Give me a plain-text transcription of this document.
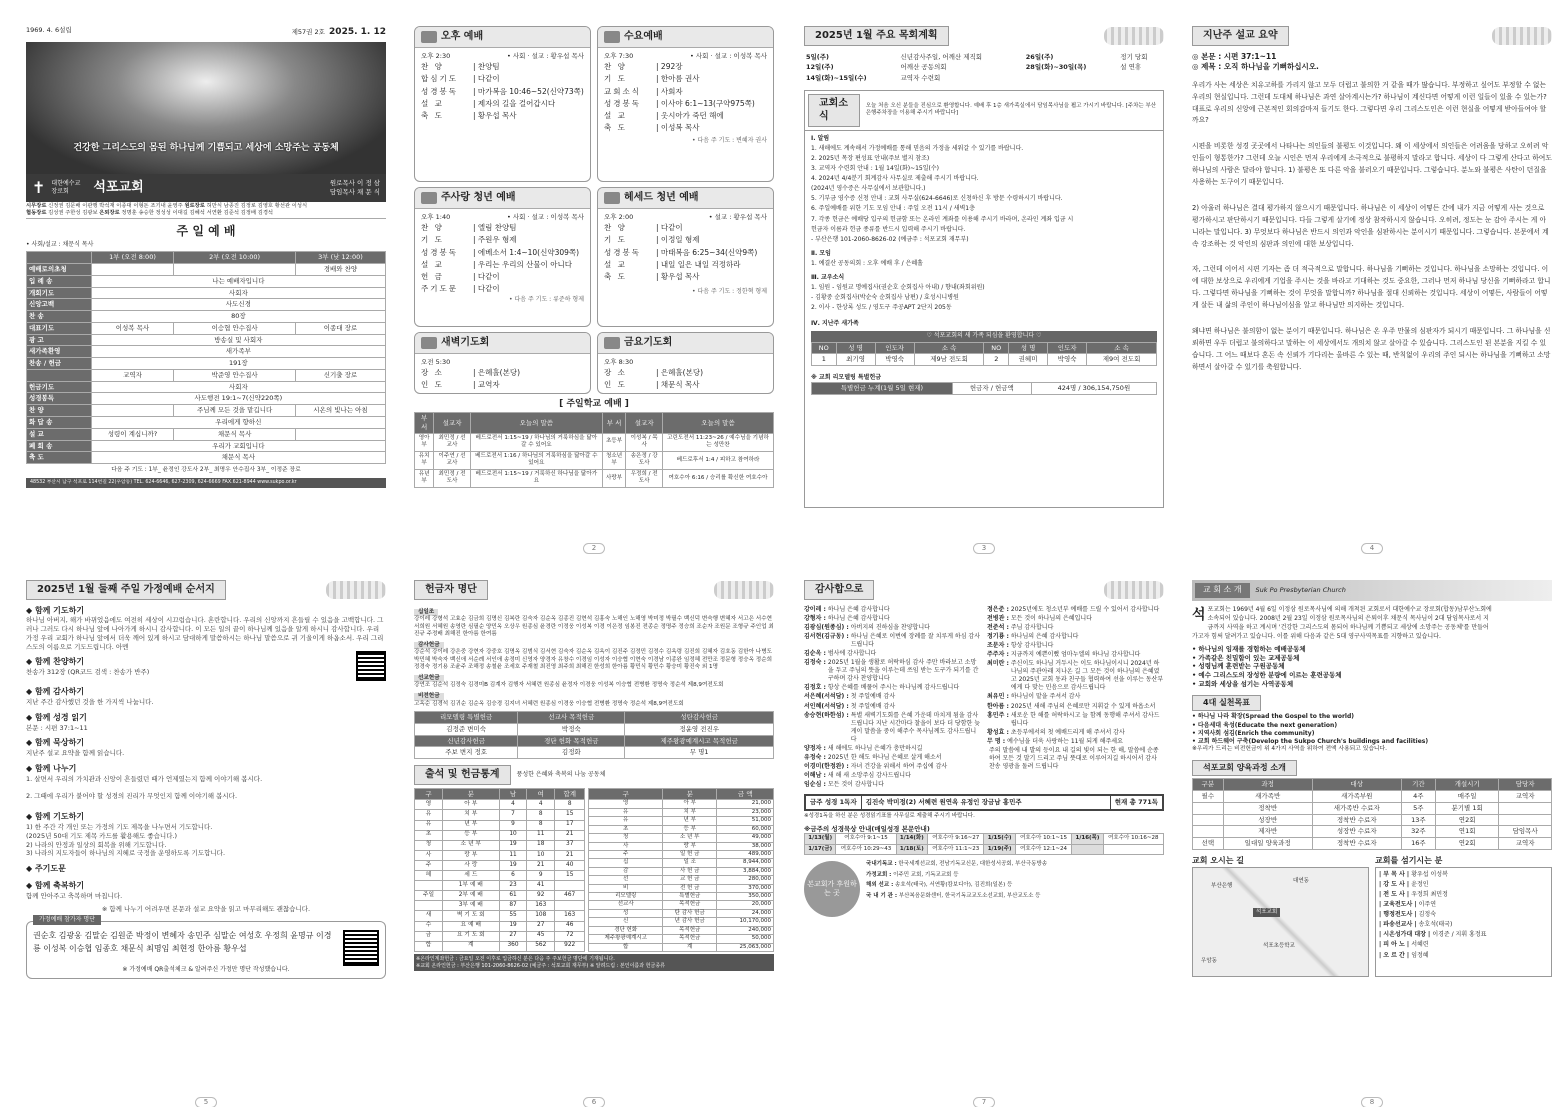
1969. 4. 6설립	제57권 2호 2025. 1. 12
건강한 그리스도의 몸된 하나님께 기쁨되고 세상에 소망주는 공동체
✝ 대한예수교 장로회	석포교회	원로목사 이 정 삼
담임목사 채 문 식
시무장로 신정권 김문배 이관행 박석재 이종대 이형돈 조기내 윤영주 원로장로 허만식 남종진 김정로 김영호 황선관 이성식
협동장로 김성권 주한성 김광보 은퇴장로 정명훈 송승한 정성성 이대길 김혜석 서연환 김준석 김정배 김경석
주 일 예 배
• 사회/설교 : 채문식 목사
	1부 (오전 8:00)	2부 (오전 10:00)	3부 (낮 12:00)
예배로의초청			경배와 찬양
입 례 송	나는 예배자입니다		
개회기도	사회자		
신앙고백	사도신경		
찬 송	80장		
대표기도	이성복 목사	이승협 안수집사	이종대 장로
광 고	방송실 및 사회자		
새가족환영	새가족부		
찬송 / 헌금	191장		
	교역자	박준영 안수집사	신기출 장로
헌금기도	사회자		
성경봉독	사도행전 19:1~7(신약220쪽)		
찬 양		주님께 모든 것을 맡깁니다	시온의 빛나는 아침
화 답 송	우리에게 향하신		
설 교	성령이 계십니까?	채문식 목사	
폐 회 송	우리가 교회입니다		
축 도	채문식 목사		
다음 주 기도 : 1부_ 윤정인 강도사 2부_ 최명우 안수집사 3부_ 이정준 장로
48532 부산시 남구 석포로 114번길 22(우암동) TEL. 624-6646, 627-2309, 624-6669 FAX.621-8944 www.sukpo.or.kr
오후 예배
오후 2:30	• 사회 · 설교 : 황우섭 목사
찬 양	| 찬양팀
합심기도	| 다같이
성경봉독	| 마가복음 10:46~52(신약73쪽)
설 교	| 제자의 길을 걸어갑시다
축 도	| 황우섭 목사
수요예배
오후 7:30	• 사회 · 설교 : 이성복 목사
찬 양	| 292장
기 도	| 한아름 권사
교회소식	| 사회자
성경봉독	| 이사야 6:1~13(구약975쪽)
설 교	| 옷시아가 죽던 해에
축 도	| 이성복 목사
• 다음 주 기도 : 변혜자 권사
주사랑 청년 예배
오후 1:40	• 사회 · 설교 : 이성복 목사
찬 양	| 엘림 찬양팀
기 도	| 주원우 형제
성경봉독	| 에베소서 1:4~10(신약309쪽)
설 교	| 우리는 우리의 산물이 아니다
헌 금	| 다같이
주기도문	| 다같이
• 다음 주 기도 : 류준하 형제
헤세드 청년 예배
오후 2:00	• 설교 : 황우섭 목사
찬 양	| 다같이
기 도	| 이정일 형제
성경봉독	| 마태복음 6:25~34(신약9쪽)
설 교	| 내일 일은 내일 걱정하라
축 도	| 황우섭 목사
• 다음 주 기도 : 정한혁 형제
새벽기도회
오전 5:30
장 소	| 은혜홀(본당)
인 도	| 교역자
금요기도회
오후 8:30
장 소	| 은혜홀(본당)
인 도	| 채문식 목사
[ 주일학교 예배 ]
부 서	설교자	오늘의 말씀	부 서	설교자	오늘의 말씀
영아부	최민정 / 선교사	베드로전서 1:15~19 / 하나님의 거룩하심을 닮아갈 수 있어요	초등부	이성복 / 목사	고린도전서 11:23~26 / 예수님을 기념하는 성만찬
유치부	이주연 / 선교사	베드로전서 1:16 / 하나님의 거룩하심을 닮아갈 수 있어요	청소년부	송은정 / 강도사	베드로후서 1:4 / 피하고 참여하라
유년부	최민정 / 전도사	베드로전서 1:15~19 / 거룩하신 하나님을 닮아가요	사랑부	우정희 / 전도사	여호수아 6:16 / 승리를 확신한 여호수아
2
2025년 1월 주요 목회계획
5일(주)	신년감사주일, 어깨산 제직회	26일(주)	정기 당회
12일(주)	어깨산 공동의회	28일(화)~30일(목)	설 연휴
14일(화)~15일(수)	교역자 수련회		
교회소식
오늘 처음 오신 분들을 진심으로 환영합니다. 예배 후 1층 새가족실에서 담임목사님을 뵙고 가시기 바랍니다. [주차는 부산은행주차장을 이용해 주시기 바랍니다]
Ⅰ. 알림
1. 새해에도 계속해서 가정예배를 통해 믿음의 가정을 세워갈 수 있기를 바랍니다.
2. 2025년 목장 편성표 안내(주보 별지 참조)
3. 교역자 수련회 안내 : 1월 14일(화)~15일(수)
4. 2024년 4/4분기 회계감사 사무실로 제출해 주시기 바랍니다.
(2024년 영수증은 사무실에서 보관합니다.)
5. 기부금 영수증 신청 안내 : 교회 사무실(624-6646)로 신청하신 후 방문 수령하시기 바랍니다.
6. 주일예배를 위한 기도 모임 안내 : 주일 오전 11시 / 새벽1층
7. 각종 헌금은 예배당 입구의 헌금함 또는 온라인 계좌를 이용해 주시기 바라며, 온라인 계좌 입금 시
헌금자 이름과 헌금 종류를 반드시 입력해 주시기 바랍니다.
- 부산은행 101-2060-8626-02 (예금주 : 석포교회 재무부)
Ⅱ. 모임
1. 예결산 공동의회 : 오후 예배 후 / 은혜홀
Ⅲ. 교우소식
1. 임원 - 임원교 명예집사(권순호 순회집사 아내) / 향내(좌회위원)
- 김황중 순회집사(박순숙 순회집사 남편) / 효성시니병원
2. 이사 - 한상록 성도 / 영도구 주공APT 2단지 205동
Ⅳ. 지난주 새가족
♡ 석포교회의 새 가족 되심을 환영합니다 ♡
NO	성 명	인도자	소 속	NO	성 명	인도자	소 속
1	최기영	박영숙	제9남 전도회	2	권혜미	박영숙	제9여 전도회
※ 교회 리모델링 특별헌금
특별헌금 누계(1월 5일 현재)	헌금자 / 헌금액	424명 / 306,154,750원
3
지난주 설교 요약
◎ 본문 : 시편 37:1~11
◎ 제목 : 오직 하나님을 기뻐하십시오.

우리가 사는 세상은 치유고하를 가리지 않고 모두 더럽고 불의한 거 같을 때가 많습니다. 부정하고 싶어도 부정할 수 없는 우리의 현실입니다. 그런데 도대체 하나님은 과연 살아계시는가? 하나님이 계신다면 어떻게 이런 일들이 있을 수 있는가? 대표로 우리의 신앙에 근본적인 회의감마저 들기도 한다. 그렇다면 우리 그리스도인은 이런 현실을 어떻게 받아들여야 할까요?

시편을 비롯한 성경 곳곳에서 나타나는 의인들의 불평도 이것입니다. 왜 이 세상에서 의인들은 어려움을 당하고 오히려 악인들이 형통한가? 그런데 오늘 시인은 먼저 우리에게 소극적으로 불평하지 말라고 합니다. 세상이 다 그렇게 산다고 하여도 하나님의 사람은 달라야 합니다. 1) 불평은 또 다른 악을 불러오기 때문입니다. 그렇습니다. 분노와 불평은 사탄이 던질을 사용하는 도구이기 때문입니다.

2) 아울러 하나님은 결대 평가하지 않으시기 때문입니다. 하나님은 이 세상이 어떻든 간에 내가 지금 어떻게 사는 것으로 평가하시고 판단하시기 때문입니다. 다들 그렇게 살기에 정상 참작하시지 않습니다. 오히려, 정도는 눈 감아 주시는 게 아니라는 말입니다. 3) 무엇보다 하나님은 반드시 의인과 악인을 심판하시는 분이시기 때문입니다. 그렇습니다. 본문에서 계속 강조하는 것 악인의 심판과 의인에 대한 보상입니다.

자, 그런데 이어서 시편 기자는 좀 더 적극적으로 말합니다. 하나님을 기뻐하는 것입니다. 하나님을 소망하는 것입니다. 이에 대한 보상으로 우리에게 기업을 주시는 것을 바라고 기대하는 것도 중요한, 그러나 먼저 하나님 당신을 기뻐하라고 합니다. 그렇다면 하나님을 기뻐하는 것이 무엇을 말합니까? 하나님을 절대 신뢰하는 것입니다. 세상이 어떻든, 사람들이 어떻게 살든 내 삶의 주인이 하나님이심을 알고 하나님만 의지하는 것입니다.

왜냐면 하나님은 불의함이 없는 분이기 때문입니다. 하나님은 온 우주 만물의 심판자가 되시기 때문입니다. 그 하나님을 신뢰하면 우두 더럽고 불의하다고 말하는 이 세상에서도 개의치 않고 살아갈 수 있습니다. 그리스도인 된 본분을 지킬 수 있습니다. 그 어느 때보다 혼돈 속 신뢰가 기다리는 올바른 수 있는 때, 반칙없이 우리의 주인 되시는 하나님을 기뻐하고 소망하면서 살아갈 수 있기를 축원합니다.

4
2025년 1월 둘째 주일 가정예배 순서지
◆ 함께 기도하기
하나님 아버지, 해가 바뀌었음에도 여전히 세상이 시끄럽습니다. 혼란합니다. 우리의 신앙까지 흔들릴 수 있음을 고백합니다. 그러나 그러도 다시 하나님 앞에 나아가게 하시니 감사합니다. 이 모든 일의 끝이 하나님께 있음을 알게 하시니 감사합니다. 우리 가정 우리 교회가 하나님 앞에서 더욱 깨어 있게 하시고 담대하게 말씀하시는 하나님 말씀으로 귀 기울이게 하옵소서. 우리 그리스도의 이름으로 기도드립니다. 아멘
◆ 함께 찬양하기
찬송가 312장 (QR코드 검색 : 찬송가 반주)
◆ 함께 감사하기
지난 주간 감사했던 것을 한 가지씩 나눕니다.
◆ 함께 성경 읽기
본문 : 시편 37:1~11
◆ 함께 묵상하기
지난주 설교 요약을 함께 읽습니다.
◆ 함께 나누기
1. 살면서 우리의 가치관과 신앙이 흔들렸던 때가 언제였는지 함께 이야기해 봅시다.
2. 그때에 우리가 붙어야 할 성경의 진리가 무엇인지 함께 이야기해 봅시다.
◆ 함께 기도하기
1) 한 주간 각 개인 또는 가정의 기도 제목을 나누면서 기도합니다.
(2025년 50대 기도 제목 카드를 활용해도 좋습니다.)
2) 나라의 안정과 일상의 회복을 위해 기도합니다.
3) 나라의 지도자들이 하나님의 지혜로 국정을 운영하도록 기도합니다.
◆ 주기도문
◆ 함께 축복하기
함께 안아주고 축복하며 마칩니다.
※ 함께 나누기 어려우면 본문과 설교 요약을 읽고 마무리해도 괜찮습니다.
가정예배 참가자 명단
권순호 김광웅 김말순 김원준 박정이 변혜자 송민주 심말순 여성호 우정희 윤명규 이경룡 이성복 이승협 임종호 채문식 최명임 최현정 한아름 황우섭
※ 가정예배 QR출석체크 & 알려주신 가정만 명단 작성했습니다.
5
헌금자 명단
십일조
강이레 강형석 고효순 김금희 김명신 김복란 김숙자 김순옥 김종진 김현석 김홍숙 노해인 노해영 박미정 박필수 백신덕 변숙행 변혜자 서고은 서수현 서희원 서혜원 송영란 심필순 양민옥 오상우 원종심 윤경란 이정웅 이성복 이경 이은정 임봉진 전종순 정명주 정승희 조순자 조원문 조형규 주인업 최진규 주정배 최해진 한아름 한여름
감사헌금
강순석 강이레 강은중 강현자 강중호 김명옥 김범식 김서현 김숙자 김순옥 김옥이 김진주 김정민 김정수 김옥령 김진희 김혜자 김호동 김한아 나병도 박민혜 박숙자 백신애 서순례 서인애 송정미 신영자 양경자 유창수 이경임 이성자 이승협 이현숙 이경남 이종완 임정혜 전만조 정문형 정승옥 정순희 정경숙 정기용 조윤주 조해정 송철윤 조세호 주재철 최진영 최주희 최해진 한성희 한아름 황민식 황민수 황승미 황진숙 외 1명
선교헌금
강연조 김순석 김정숙 김경미B 김계자 김행자 서혜련 원종심 윤정자 이경웅 이성복 이승협 전병환 정명숙 정순석 제8,9여전도회
비전헌금
고옥순 김경석 김귀순 김순옥 김승경 김지녀 서혜련 원종심 이경웅 이승협 전병환 정명숙 정순석 제8,9여전도회
리모델링 특별헌금	선교사 목적헌금	성탄감사헌금
김정준 변미숙	박정숙	정윤영 전진우
신년감사헌금	경단 헌화 목적헌금	제주왕광예계시고 목적헌금
주보 변지 정호	김정화	무 명1
출석 및 헌금통계	풍성한 은혜와 축복의 나눔 공동체
구	분	남	여	합계
영	아 부	4	4	8
유	치 부	7	8	15
유	년 부	9	8	17
초	등 부	10	11	21
청	소 년 부	19	18	37
사	랑 부	11	10	21
주	사 랑	19	21	40
헤	세 드	6	9	15
	1부 예 배	23	41	
주일	2부 예 배	61	92	467
	3부 예 배	87	163	
새	벽 기 도 회	55	108	163
수	요 예 배	19	27	46
금	요 기 도 회	27	45	72
합	계	360	562	922
구	분	금 액
영	아 부	21,000
유	치 부	23,000
유	년 부	51,000
초	등 부	60,000
청	소 년 부	49,000
사	랑 부	38,000
주	일 헌 금	489,000
십	일 조	8,944,000
감	사 헌 금	3,884,000
선	교 헌 금	280,000
비	전 헌 금	370,000
리모델링	특별헌금	350,000
선교사	목적헌금	20,000
성	탄 감사 헌금	24,000
신	년 감사 헌금	10,170,000
경단 헌화	목적헌금	240,000
제주왕광예계시고	목적헌금	50,000
합	계	25,063,000
※온라인계좌헌금 : 금요일 오전 이후로 입금하신 분은 다음 주 주보헌금 명단에 기재됩니다.
※교회 온라인헌금 : 부산은행 101-2060-8626-02 (예금주 : 석포교회 재무부) ※ 알려드림 : 본인이름과 헌금종류
6
감사합으로
강이레 : 하나님 은혜 감사합니다
강형자 : 하나님 은혜 감사합니다
김광심(원종심) : 아버지의 진하심을 찬양합니다
김서현(김규동) : 하나님 은혜로 이번에 장례를 잘 치루게 하심 감사드립니다
김순옥 : 범사에 감사합니다
김정숙 : 2025년 1월을 생활로 허락하심 감사 주만 바라보고 소망을 두고 주님의 뜻을 이루는데 쓰임 받는 도구가 되기를 간구하며 감사 찬양합니다
김정호 : 항상 은혜를 베풀어 주시는 하나님께 감사드립니다
서은혜(서석담) : 첫 주일예배 감사
서인혜(서석담) : 첫 주일예배 감사
송승현(하한섬) : 특별 새벽기도회를 은혜 가운데 마치게 됨을 감사드립니다 지난 시간마다 찰을이 보다 더 당함한 늦게이 말씀을 중이 해주수 목사님께도 감사드립니다
양정자 : 새 해에도 하나님 은혜가 충만하시길
유정숙 : 2025년 한 해도 하나님 은혜로 살게 해소서
이경미(한정완) : 자녀 건강을 위해서 하여 주십에 감사
이해남 : 새 해 새 소망주심 감사드립니다
임순심 : 모든 것이 감사합니다
정은준 : 2025년에도 청소년부 예배를 드릴 수 있어서 감사합니다
전병관 : 모든 것이 하나님의 은혜입니다
전준석 : 주님 감사합니다
정기룡 : 하나님의 은혜 감사합니다
조문자 : 항상 감사합니다
주주자 : 지금까지 예쁜이뻤 엄마누엘의 하나님 감사합니다
최미란 : 주신이도 하나님 거두시는 이도 하나님이시니 2024년 하나님의 주관아래 지나온 길 그 모든 것이 하나님의 은혜였고 2025년 교회 동과 친구들 협력하여 선을 이루는 동산부에게 다 맞는 민음으로 감사드립니다
최유민 : 하나님이 맡을 주셔서 감사
한아름 : 2025년 새해 주님의 은혜로만 지휘갈 수 있게 하옵소서
홍민주 : 새로운 한 해를 허락하시고 늘 함께 동행해 주셔서 감사드립니다
황성효 : 초등부에서의 첫 예배드리게 해 주셔서 감사
무 명 : 예수님을 더욱 사랑하는 11월 되게 해주세요
주의 말씀에 내 발의 등이요 내 길의 빛이 되는 한 해, 말씀에 순종하여 모든 것 말기 드리고 주님 뜻대로 이루어지길 하시어서 감사 찬송 영광을 돌려 드립니다
금주 성경 1독자	김진숙 박미정(2) 서혜련 원연옥 유정인 장금남 홍민주	현재 총 771독
※성경1독을 하신 분은 성경읽기표를 사무실로 제출해 주시기 바랍니다.
※금주의 성경묵상 안내(매일성경 본문안내)
1/13(월)	여호수아 9:1~15	1/14(화)	여호수아 9:16~27	1/15(수)	여호수아 10:1~15	1/16(목)	여호수아 10:16~28
1/17(금)	여호수아 10:29~43	1/18(토)	여호수아 11:1~23	1/19(주)	여호수아 12:1~24		
본교회가 후원하는 곳
국내기독교 : 한국세계선교회, 전남기독교신문, 대한성서공회, 부산극동방송
가정교회 : 이주민 교회, 기독교교회 등
해외 선교 : 송호석(태국), 서연황(캄보디아), 김진희(일본) 등
국 내 기 관 : 부산복음문화센터, 한국기독교교도소선교회, 부산교도소 등
7
교 회 소 개	Suk Po Presbyterian Church
석포교회는 1969년 4월 6일 이정삼 원로목사님에 의해 개척된 교회로서 대한예수교 장로회(합동)남부산노회에 소속되어 있습니다. 2008년 2월 23일 이정삼 원로목사님의 은퇴이후 채문식 목사님이 2대 담임목사로서 지금까지 사역을 하고 계시며 '건강한 그리스도의 몸되어 하나님께 기쁨되고 세상에 소망주는 공동체'를 만들어 가고자 힘써 달려가고 있습니다. 이를 위해 다음과 같은 5대 영구사역목표를 지향하고 있습니다.
• 하나님의 임재를 경험하는 예배공동체
• 가족같은 친밀함이 있는 교제공동체
• 성령님께 훈련받는 구원공동체
• 예수 그리스도의 장성한 분량에 이르는 훈련공동체
• 교회와 세상을 섬기는 사역공동체
4대 실천목표
• 하나님 나라 확장(Spread the Gospel to the world)
• 다음세대 육성(Educate the next generation)
• 지역사회 섬김(Enrich the community)
• 교회 하드웨어 구축(Develop the Sukpo Church's buildings and facilities)
※우리가 드리는 비전헌금이 위 4가지 사역을 위하여 전액 사용되고 있습니다.
석포교회 양육과정 소개
구분	과정	대상	기간	개설시기	담당자
필수	새가족반	새가족부원	4주	매주일	교역자
	정착반	새가족반 수료자	5주	분기별 1회	
	성장반	정착반 수료자	13주	연2회	
	제자반	성장반 수료자	32주	연1회	담임목사
선택	일대일 양육과정	정착반 수료자	16주	연2회	교역자
교회 오시는 길
석포교회
부산은행
대연동
석포초등학교
우암동
교회를 섬기시는 분
| 부 목 사 | 황우섭 이성복
| 강 도 사 | 윤정인
| 전 도 사 | 우정희 최민정
| 교육전도사 | 이주연
| 행정전도사 | 김정숙
| 파송선교사 | 송호석(태국)
| 시온성가대 대장 | 이경준 / 지휘 홍정표
| 피 아 노 | 서혜련
| 오 르 간 | 임정혜
8
